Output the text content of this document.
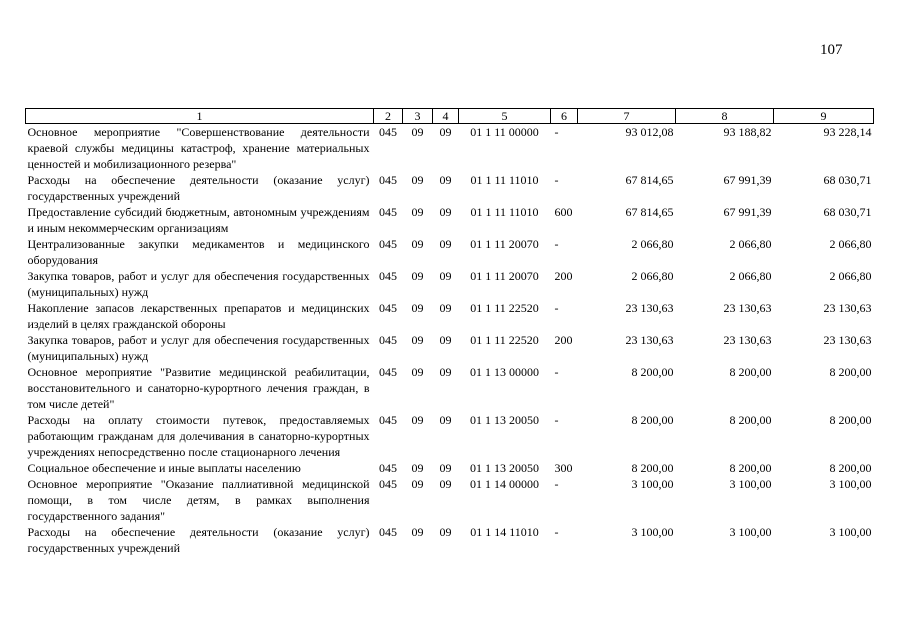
107
1	2	3	4	5	6	7	8	9
Основное мероприятие "Совершенствование деятельности краевой службы медицины катастроф, хранение материальных ценностей и мобилизационного резерва"	045	09	09	01 1 11 00000	-	93 012,08	93 188,82	93 228,14
Расходы на обеспечение деятельности (оказание услуг) государственных учреждений	045	09	09	01 1 11 11010	-	67 814,65	67 991,39	68 030,71
Предоставление субсидий бюджетным, автономным учреждениям и иным некоммерческим организациям	045	09	09	01 1 11 11010	600	67 814,65	67 991,39	68 030,71
Централизованные закупки медикаментов и медицинского оборудования	045	09	09	01 1 11 20070	-	2 066,80	2 066,80	2 066,80
Закупка товаров, работ и услуг для обеспечения государственных (муниципальных) нужд	045	09	09	01 1 11 20070	200	2 066,80	2 066,80	2 066,80
Накопление запасов лекарственных препаратов и медицинских изделий в целях гражданской обороны	045	09	09	01 1 11 22520	-	23 130,63	23 130,63	23 130,63
Закупка товаров, работ и услуг для обеспечения государственных (муниципальных) нужд	045	09	09	01 1 11 22520	200	23 130,63	23 130,63	23 130,63
Основное мероприятие "Развитие медицинской реабилитации, восстановительного и санаторно-курортного лечения граждан, в том числе детей"	045	09	09	01 1 13 00000	-	8 200,00	8 200,00	8 200,00
Расходы на оплату стоимости путевок, предоставляемых работающим гражданам для долечивания в санаторно-курортных учреждениях непосредственно после стационарного лечения	045	09	09	01 1 13 20050	-	8 200,00	8 200,00	8 200,00
Социальное обеспечение и иные выплаты населению	045	09	09	01 1 13 20050	300	8 200,00	8 200,00	8 200,00
Основное мероприятие "Оказание паллиативной медицинской помощи, в том числе детям, в рамках выполнения государственного задания"	045	09	09	01 1 14 00000	-	3 100,00	3 100,00	3 100,00
Расходы на обеспечение деятельности (оказание услуг) государственных учреждений	045	09	09	01 1 14 11010	-	3 100,00	3 100,00	3 100,00
